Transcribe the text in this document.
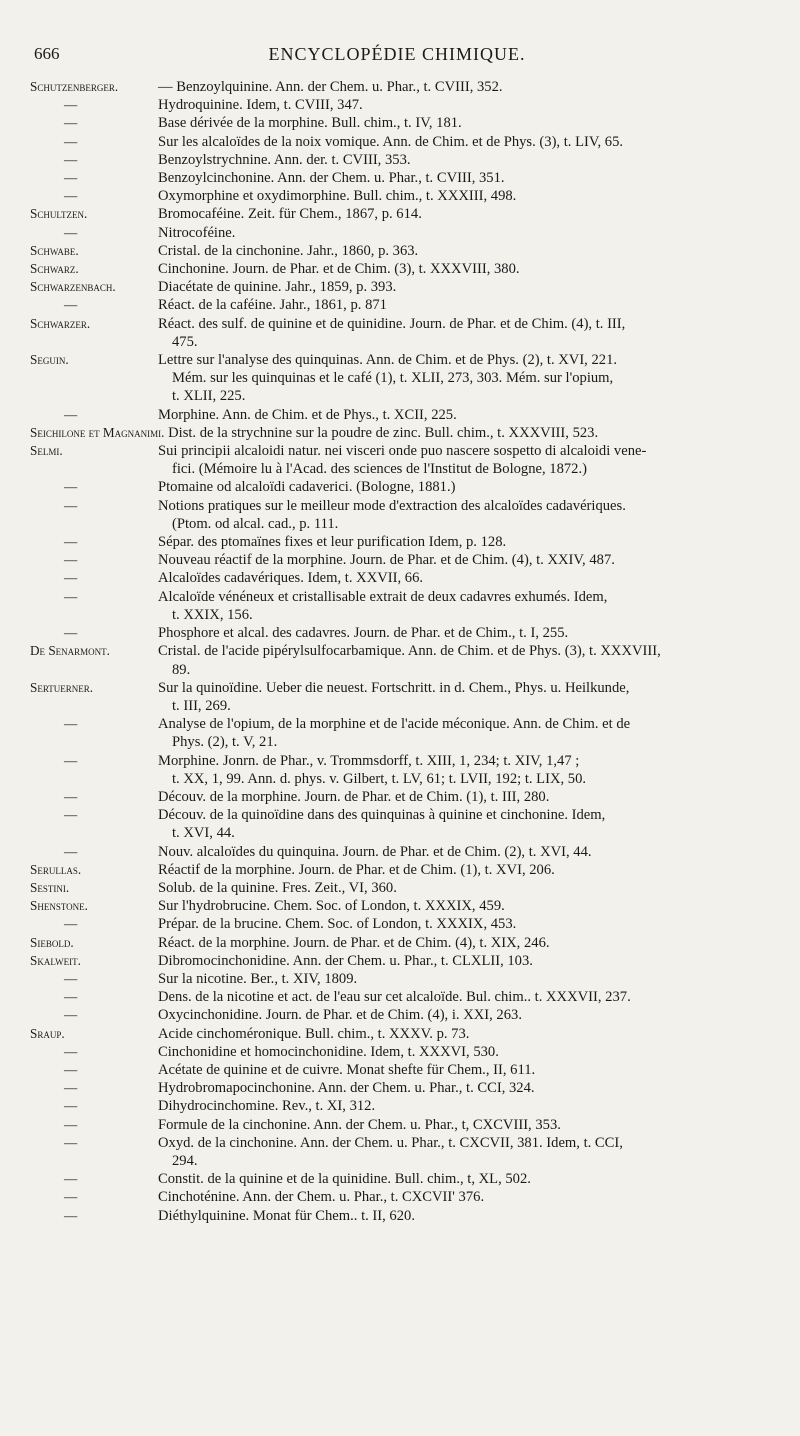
666	ENCYCLOPÉDIE CHIMIQUE.
Schutzenberger.	— Benzoylquinine. Ann. der Chem. u. Phar., t. CVIII, 352.
—	Hydroquinine. Idem, t. CVIII, 347.
—	Base dérivée de la morphine. Bull. chim., t. IV, 181.
—	Sur les alcaloïdes de la noix vomique. Ann. de Chim. et de Phys. (3), t. LIV, 65.
—	Benzoylstrychnine. Ann. der. t. CVIII, 353.
—	Benzoylcinchonine. Ann. der Chem. u. Phar., t. CVIII, 351.
—	Oxymorphine et oxydimorphine. Bull. chim., t. XXXIII, 498.
Schultzen.	Bromocaféine. Zeit. für Chem., 1867, p. 614.
—	Nitrocoféine.
Schwabe.	Cristal. de la cinchonine. Jahr., 1860, p. 363.
Schwarz.	Cinchonine. Journ. de Phar. et de Chim. (3), t. XXXVIII, 380.
Schwarzenbach.	Diacétate de quinine. Jahr., 1859, p. 393.
—	Réact. de la caféine. Jahr., 1861, p. 871
Schwarzer.	Réact. des sulf. de quinine et de quinidine. Journ. de Phar. et de Chim. (4), t. III,
475.
Seguin.	Lettre sur l'analyse des quinquinas. Ann. de Chim. et de Phys. (2), t. XVI, 221.
Mém. sur les quinquinas et le café (1), t. XLII, 273, 303. Mém. sur l'opium,
t. XLII, 225.
—	Morphine. Ann. de Chim. et de Phys., t. XCII, 225.
Seichilone et Magnanimi. Dist. de la strychnine sur la poudre de zinc. Bull. chim., t. XXXVIII, 523.
Selmi.	Sui principii alcaloidi natur. nei visceri onde puo nascere sospetto di alcaloidi vene-
fici. (Mémoire lu à l'Acad. des sciences de l'Institut de Bologne, 1872.)
—	Ptomaine od alcaloïdi cadaverici. (Bologne, 1881.)
—	Notions pratiques sur le meilleur mode d'extraction des alcaloïdes cadavériques.
(Ptom. od alcal. cad., p. 111.
—	Sépar. des ptomaïnes fixes et leur purification Idem, p. 128.
—	Nouveau réactif de la morphine. Journ. de Phar. et de Chim. (4), t. XXIV, 487.
—	Alcaloïdes cadavériques. Idem, t. XXVII, 66.
—	Alcaloïde vénéneux et cristallisable extrait de deux cadavres exhumés. Idem,
t. XXIX, 156.
—	Phosphore et alcal. des cadavres. Journ. de Phar. et de Chim., t. I, 255.
De Senarmont.	Cristal. de l'acide pipérylsulfocarbamique. Ann. de Chim. et de Phys. (3), t. XXXVIII,
89.
Sertuerner.	Sur la quinoïdine. Ueber die neuest. Fortschritt. in d. Chem., Phys. u. Heilkunde,
t. III, 269.
—	Analyse de l'opium, de la morphine et de l'acide méconique. Ann. de Chim. et de
Phys. (2), t. V, 21.
—	Morphine. Jonrn. de Phar., v. Trommsdorff, t. XIII, 1, 234; t. XIV, 1,47 ;
t. XX, 1, 99. Ann. d. phys. v. Gilbert, t. LV, 61; t. LVII, 192; t. LIX, 50.
—	Découv. de la morphine. Journ. de Phar. et de Chim. (1), t. III, 280.
—	Découv. de la quinoïdine dans des quinquinas à quinine et cinchonine. Idem,
t. XVI, 44.
—	Nouv. alcaloïdes du quinquina. Journ. de Phar. et de Chim. (2), t. XVI, 44.
Serullas.	Réactif de la morphine. Journ. de Phar. et de Chim. (1), t. XVI, 206.
Sestini.	Solub. de la quinine. Fres. Zeit., VI, 360.
Shenstone.	Sur l'hydrobrucine. Chem. Soc. of London, t. XXXIX, 459.
—	Prépar. de la brucine. Chem. Soc. of London, t. XXXIX, 453.
Siebold.	Réact. de la morphine. Journ. de Phar. et de Chim. (4), t. XIX, 246.
Skalweit.	Dibromocinchonidine. Ann. der Chem. u. Phar., t. CLXLII, 103.
—	Sur la nicotine. Ber., t. XIV, 1809.
—	Dens. de la nicotine et act. de l'eau sur cet alcaloïde. Bul. chim.. t. XXXVII, 237.
—	Oxycinchonidine. Journ. de Phar. et de Chim. (4), i. XXI, 263.
Sraup.	Acide cinchoméronique. Bull. chim., t. XXXV. p. 73.
—	Cinchonidine et homocinchonidine. Idem, t. XXXVI, 530.
—	Acétate de quinine et de cuivre. Monat shefte für Chem., II, 611.
—	Hydrobromapocinchonine. Ann. der Chem. u. Phar., t. CCI, 324.
—	Dihydrocinchomine. Rev., t. XI, 312.
—	Formule de la cinchonine. Ann. der Chem. u. Phar., t, CXCVIII, 353.
—	Oxyd. de la cinchonine. Ann. der Chem. u. Phar., t. CXCVII, 381. Idem, t. CCI,
294.
—	Constit. de la quinine et de la quinidine. Bull. chim., t, XL, 502.
—	Cinchoténine. Ann. der Chem. u. Phar., t. CXCVII' 376.
—	Diéthylquinine. Monat für Chem.. t. II, 620.
